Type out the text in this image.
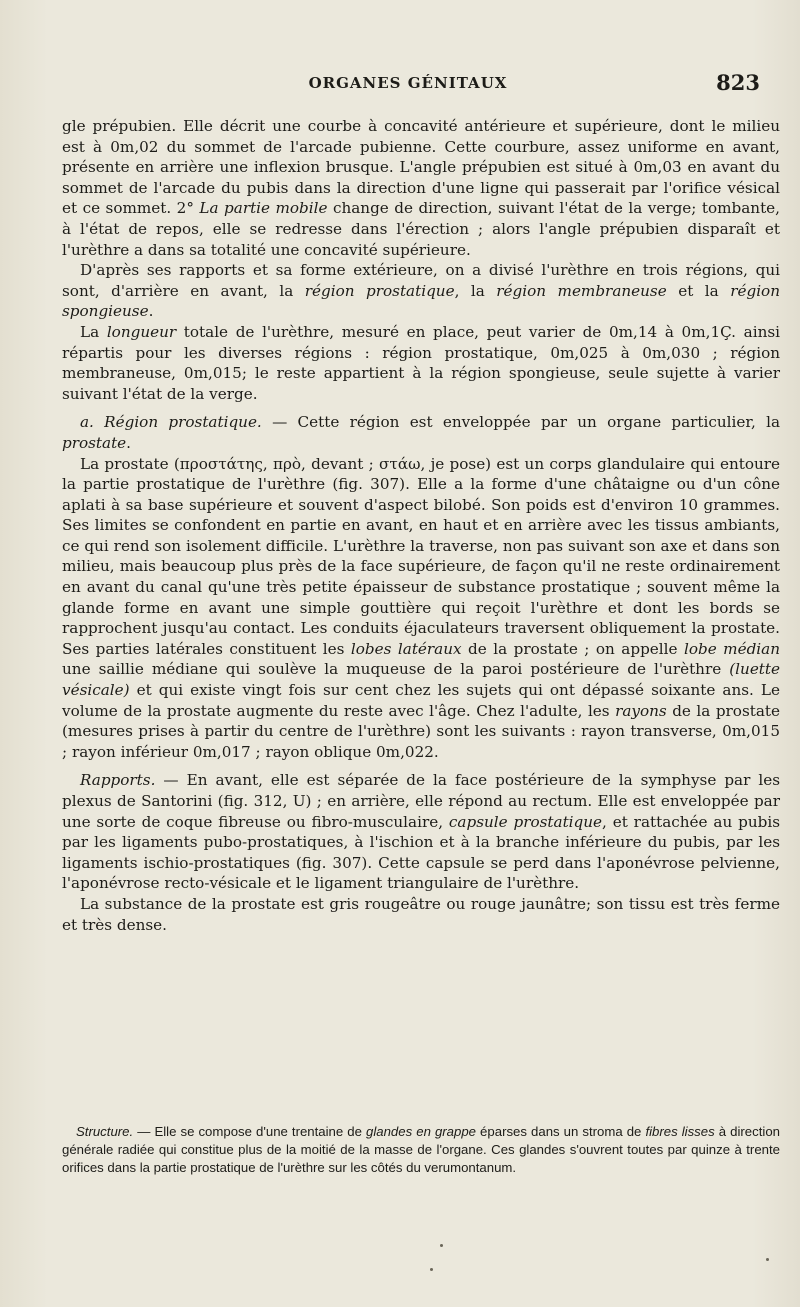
ORGANES GÉNITAUX	823

gle prépubien. Elle décrit une courbe à concavité antérieure et supérieure, dont le milieu est à 0m,02 du sommet de l'arcade pubienne. Cette courbure, assez uniforme en avant, présente en arrière une inflexion brusque. L'angle prépubien est situé à 0m,03 en avant du sommet de l'arcade du pubis dans la direction d'une ligne qui passerait par l'orifice vésical et ce sommet. 2° La partie mobile change de direction, suivant l'état de la verge; tombante, à l'état de repos, elle se redresse dans l'érection ; alors l'angle prépubien disparaît et l'urèthre a dans sa totalité une concavité supérieure.

D'après ses rapports et sa forme extérieure, on a divisé l'urèthre en trois régions, qui sont, d'arrière en avant, la région prostatique, la région membraneuse et la région spongieuse.

La longueur totale de l'urèthre, mesuré en place, peut varier de 0m,14 à 0m,1Ç. ainsi répartis pour les diverses régions : région prostatique, 0m,025 à 0m,030 ; région membraneuse, 0m,015; le reste appartient à la région spongieuse, seule sujette à varier suivant l'état de la verge.

a. Région prostatique. — Cette région est enveloppée par un organe particulier, la prostate.

La prostate (προστάτης, πρὸ, devant ; στάω, je pose) est un corps glandulaire qui entoure la partie prostatique de l'urèthre (fig. 307). Elle a la forme d'une châtaigne ou d'un cône aplati à sa base supérieure et souvent d'aspect bilobé. Son poids est d'environ 10 grammes. Ses limites se confondent en partie en avant, en haut et en arrière avec les tissus ambiants, ce qui rend son isolement difficile. L'urèthre la traverse, non pas suivant son axe et dans son milieu, mais beaucoup plus près de la face supérieure, de façon qu'il ne reste ordinairement en avant du canal qu'une très petite épaisseur de substance prostatique ; souvent même la glande forme en avant une simple gouttière qui reçoit l'urèthre et dont les bords se rapprochent jusqu'au contact. Les conduits éjaculateurs traversent obliquement la prostate. Ses parties latérales constituent les lobes latéraux de la prostate ; on appelle lobe médian une saillie médiane qui soulève la muqueuse de la paroi postérieure de l'urèthre (luette vésicale) et qui existe vingt fois sur cent chez les sujets qui ont dépassé soixante ans. Le volume de la prostate augmente du reste avec l'âge. Chez l'adulte, les rayons de la prostate (mesures prises à partir du centre de l'urèthre) sont les suivants : rayon transverse, 0m,015 ; rayon inférieur 0m,017 ; rayon oblique 0m,022.

Rapports. — En avant, elle est séparée de la face postérieure de la symphyse par les plexus de Santorini (fig. 312, U) ; en arrière, elle répond au rectum. Elle est enveloppée par une sorte de coque fibreuse ou fibro-musculaire, capsule prostatique, et rattachée au pubis par les ligaments pubo-prostatiques, à l'ischion et à la branche inférieure du pubis, par les ligaments ischio-prostatiques (fig. 307). Cette capsule se perd dans l'aponévrose pelvienne, l'aponévrose recto-vésicale et le ligament triangulaire de l'urèthre.

La substance de la prostate est gris rougeâtre ou rouge jaunâtre; son tissu est très ferme et très dense.

Structure. — Elle se compose d'une trentaine de glandes en grappe éparses dans un stroma de fibres lisses à direction générale radiée qui constitue plus de la moitié de la masse de l'organe. Ces glandes s'ouvrent toutes par quinze à trente orifices dans la partie prostatique de l'urèthre sur les côtés du verumontanum.
